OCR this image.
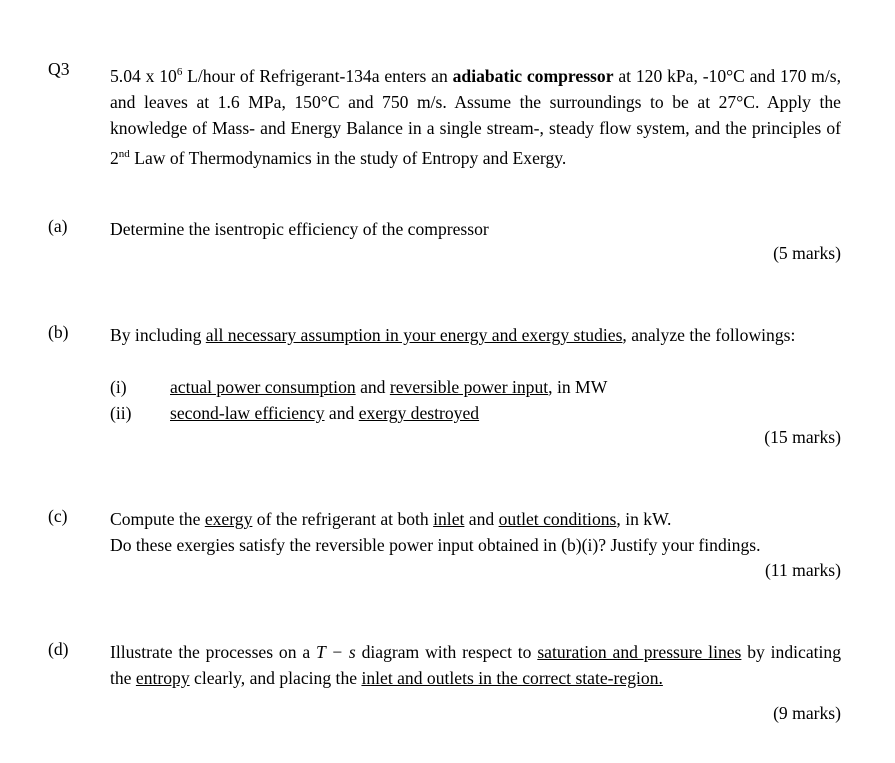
Q3 5.04 x $10^6$ L/hour of Refrigerant-134a enters an adiabatic compressor at 120 kPa, -10°C and 170 m/s, and leaves at 1.6 MPa, 150°C and 750 m/s. Assume the surroundings to be at 27°C. Apply the knowledge of Mass- and Energy Balance in a single stream-, steady flow system, and the principles of 2nd Law of Thermodynamics in the study of Entropy and Exergy.
(a) Determine the isentropic efficiency of the compressor
(5 marks)
(b) By including all necessary assumption in your energy and exergy studies, analyze the followings:
(i) actual power consumption and reversible power input, in MW
(ii) second-law efficiency and exergy destroyed
(15 marks)
(c) Compute the exergy of the refrigerant at both inlet and outlet conditions, in kW.
Do these exergies satisfy the reversible power input obtained in (b)(i)? Justify your findings.
(11 marks)
(d) Illustrate the processes on a T − s diagram with respect to saturation and pressure lines by indicating the entropy clearly, and placing the inlet and outlets in the correct state-region.
(9 marks)
